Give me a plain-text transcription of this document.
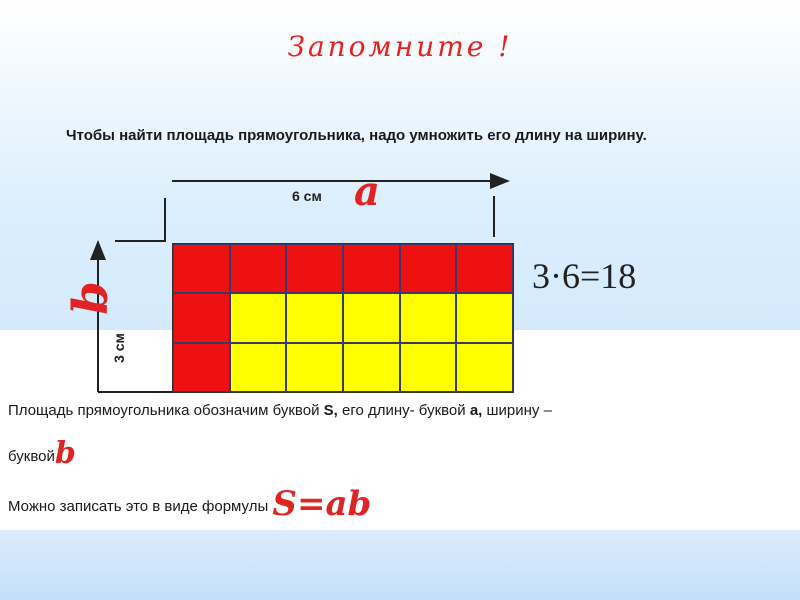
Запомните !
Чтобы найти площадь прямоугольника, надо умножить его длину на ширину.
6 см a
b
3 см
3·6=18
Площадь прямоугольника обозначим буквой S, его длину- буквой a, ширину –
буквойb
Можно записать это в виде формулы S=ab
